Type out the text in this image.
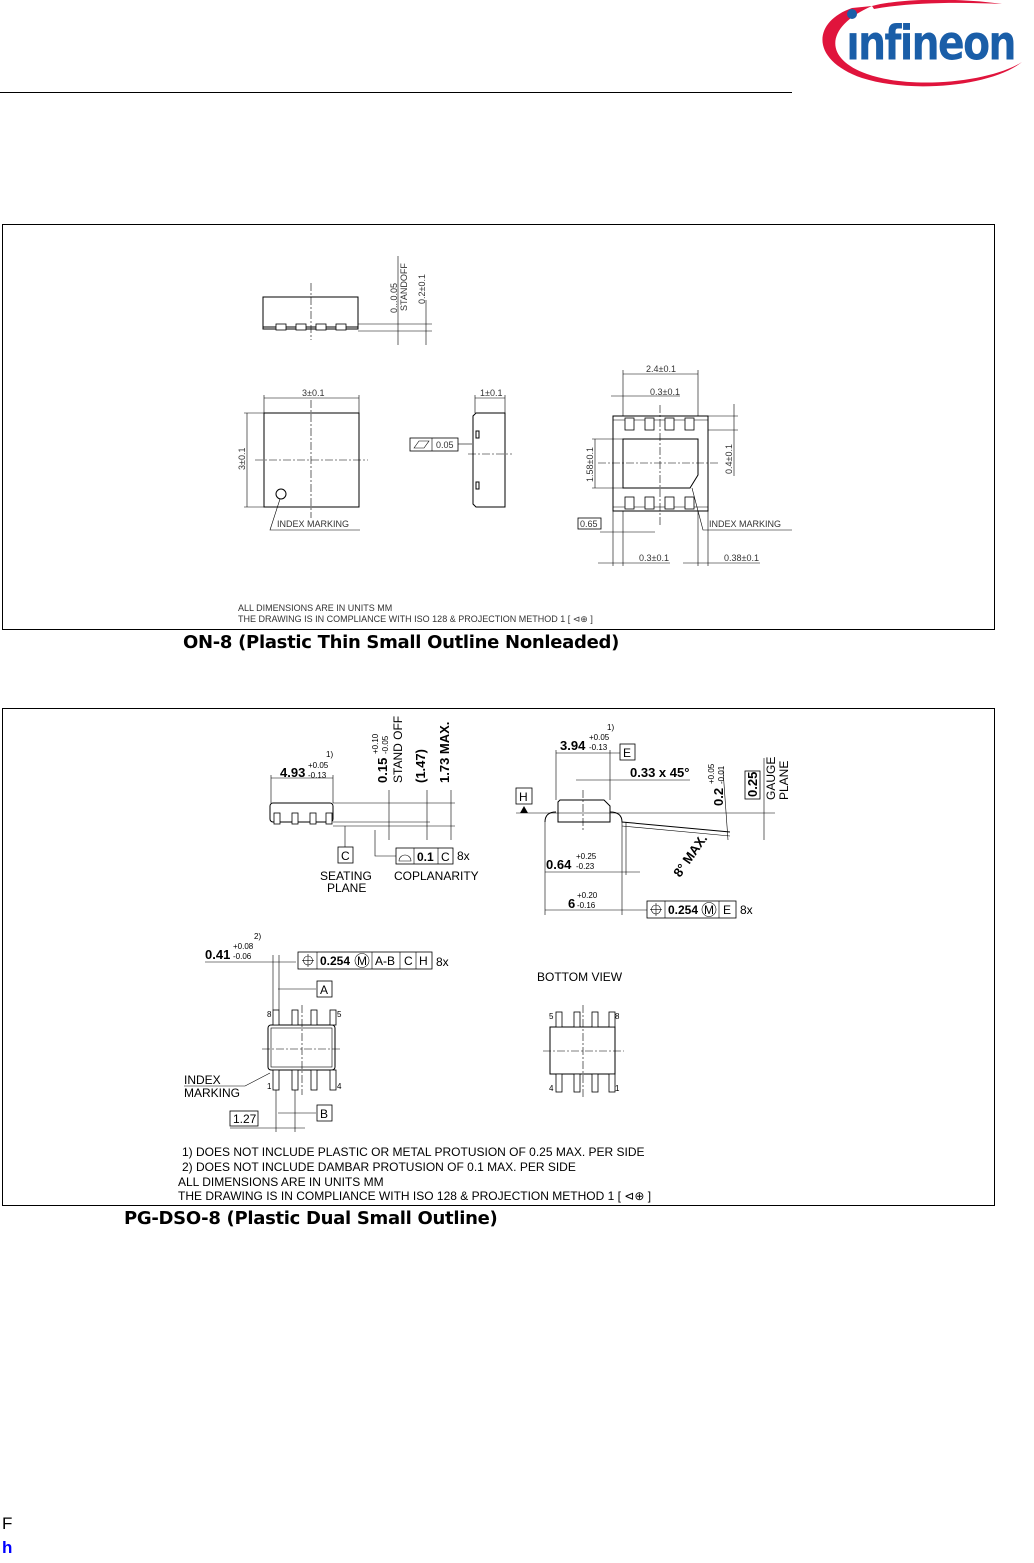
ınfineon
0...0.05 STANDOFF 0.2±0.1
3±0.1
3±0.1
INDEX MARKING
1±0.1
0.05
2.4±0.1
0.3±0.1
1.58±0.1	0.4±0.1
0.65	INDEX MARKING
0.3±0.1	0.38±0.1
ALL DIMENSIONS ARE IN UNITS MM
THE DRAWING IS IN COMPLIANCE WITH ISO 128 & PROJECTION METHOD 1 [ ⊲⊕ ]
4.93 +0.05
-0.13
1)
0.15
+0.10 -0.05 STAND OFF (1.47) 1.73 MAX.
C
SEATING
PLANE
0.1 C 8x
COPLANARITY
H
3.94
+0.05
-0.13
1)
E
0.33 x 45°
0.2
+0.05 -0.01 0.25 GAUGE PLANE
8° MAX.
0.64
+0.25
-0.23
6
+0.20
-0.16	0.254 M E 8x
2)
0.41
+0.08
-0.06	0.254 M A-B C H 8x
A
8	5
1	4
INDEX
MARKING
B
1.27
BOTTOM VIEW
5	8
4	1
1) DOES NOT INCLUDE PLASTIC OR METAL PROTUSION OF 0.25 MAX. PER SIDE
2) DOES NOT INCLUDE DAMBAR PROTUSION OF 0.1 MAX. PER SIDE
ALL DIMENSIONS ARE IN UNITS MM
THE DRAWING IS IN COMPLIANCE WITH ISO 128 & PROJECTION METHOD 1 [ ⊲⊕ ]
ON-8 (Plastic Thin Small Outline Nonleaded)
PG-DSO-8 (Plastic Dual Small Outline)
F
h
